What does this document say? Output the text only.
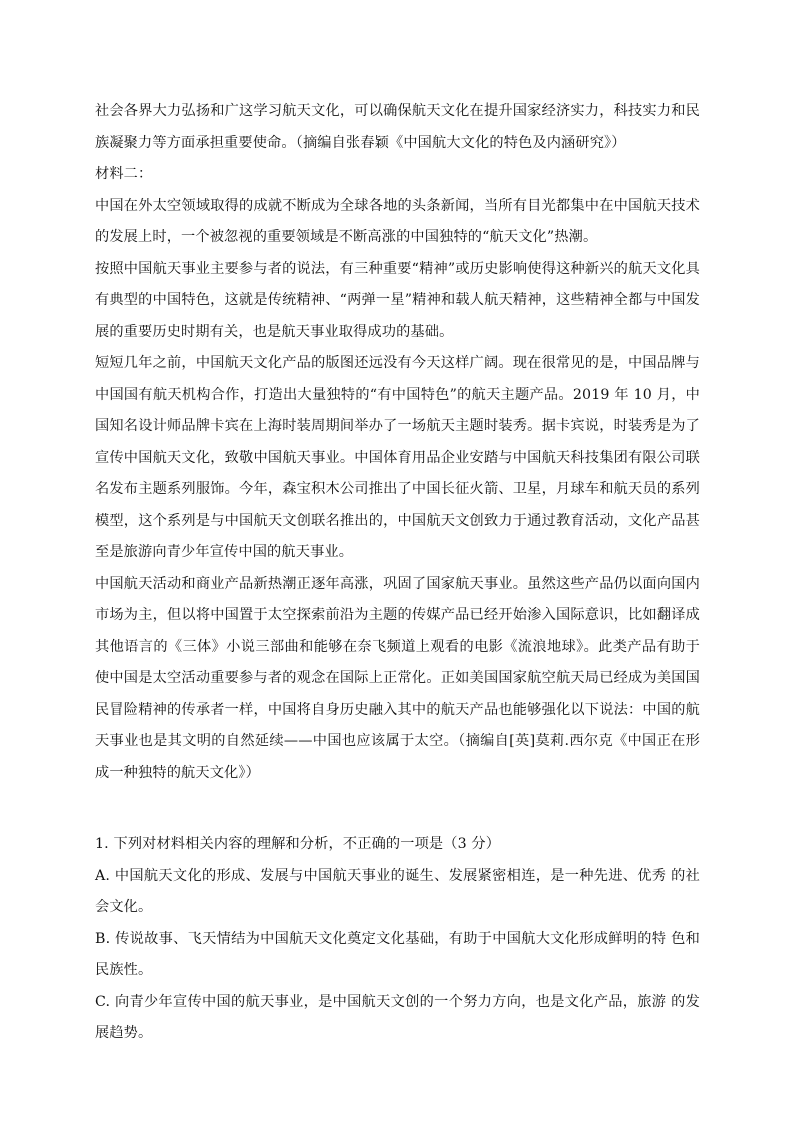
社会各界大力弘扬和广这学习航天文化，可以确保航天文化在提升国家经济实力，科技实力和民族凝聚力等方面承担重要使命。（摘编自张春颖《中国航大文化的特色及内涵研究》）

材料二：

中国在外太空领域取得的成就不断成为全球各地的头条新闻，当所有目光都集中在中国航天技术的发展上时，一个被忽视的重要领域是不断高涨的中国独特的“航天文化”热潮。

按照中国航天事业主要参与者的说法，有三种重要“精神”或历史影响使得这种新兴的航天文化具有典型的中国特色，这就是传统精神、“两弹一星”精神和载人航天精神，这些精神全都与中国发展的重要历史时期有关，也是航天事业取得成功的基础。

短短几年之前，中国航天文化产品的版图还远没有今天这样广阔。现在很常见的是，中国品牌与中国国有航天机构合作，打造出大量独特的“有中国特色”的航天主题产品。2019 年 10 月，中国知名设计师品牌卡宾在上海时装周期间举办了一场航天主题时装秀。据卡宾说，时装秀是为了宣传中国航天文化，致敬中国航天事业。中国体育用品企业安踏与中国航天科技集团有限公司联名发布主题系列服饰。今年，森宝积木公司推出了中国长征火箭、卫星，月球车和航天员的系列模型，这个系列是与中国航天文创联名推出的，中国航天文创致力于通过教育活动，文化产品甚至是旅游向青少年宣传中国的航天事业。

中国航天活动和商业产品新热潮正逐年高涨，巩固了国家航天事业。虽然这些产品仍以面向国内市场为主，但以将中国置于太空探索前沿为主题的传媒产品已经开始渗入国际意识，比如翻译成其他语言的《三体》小说三部曲和能够在奈飞频道上观看的电影《流浪地球》。此类产品有助于使中国是太空活动重要参与者的观念在国际上正常化。正如美国国家航空航天局已经成为美国国民冒险精神的传承者一样，中国将自身历史融入其中的航天产品也能够强化以下说法：中国的航天事业也是其文明的自然延续——中国也应该属于太空。（摘编自[英]莫莉.西尔克《中国正在形成一种独特的航天文化》）

1. 下列对材料相关内容的理解和分析，不正确的一项是（3 分）

A. 中国航天文化的形成、发展与中国航天事业的诞生、发展紧密相连，是一种先进、优秀 的社会文化。

B. 传说故事、飞天情结为中国航天文化奠定文化基础，有助于中国航大文化形成鲜明的特 色和民族性。

C. 向青少年宣传中国的航天事业，是中国航天文创的一个努力方向，也是文化产品，旅游 的发展趋势。
